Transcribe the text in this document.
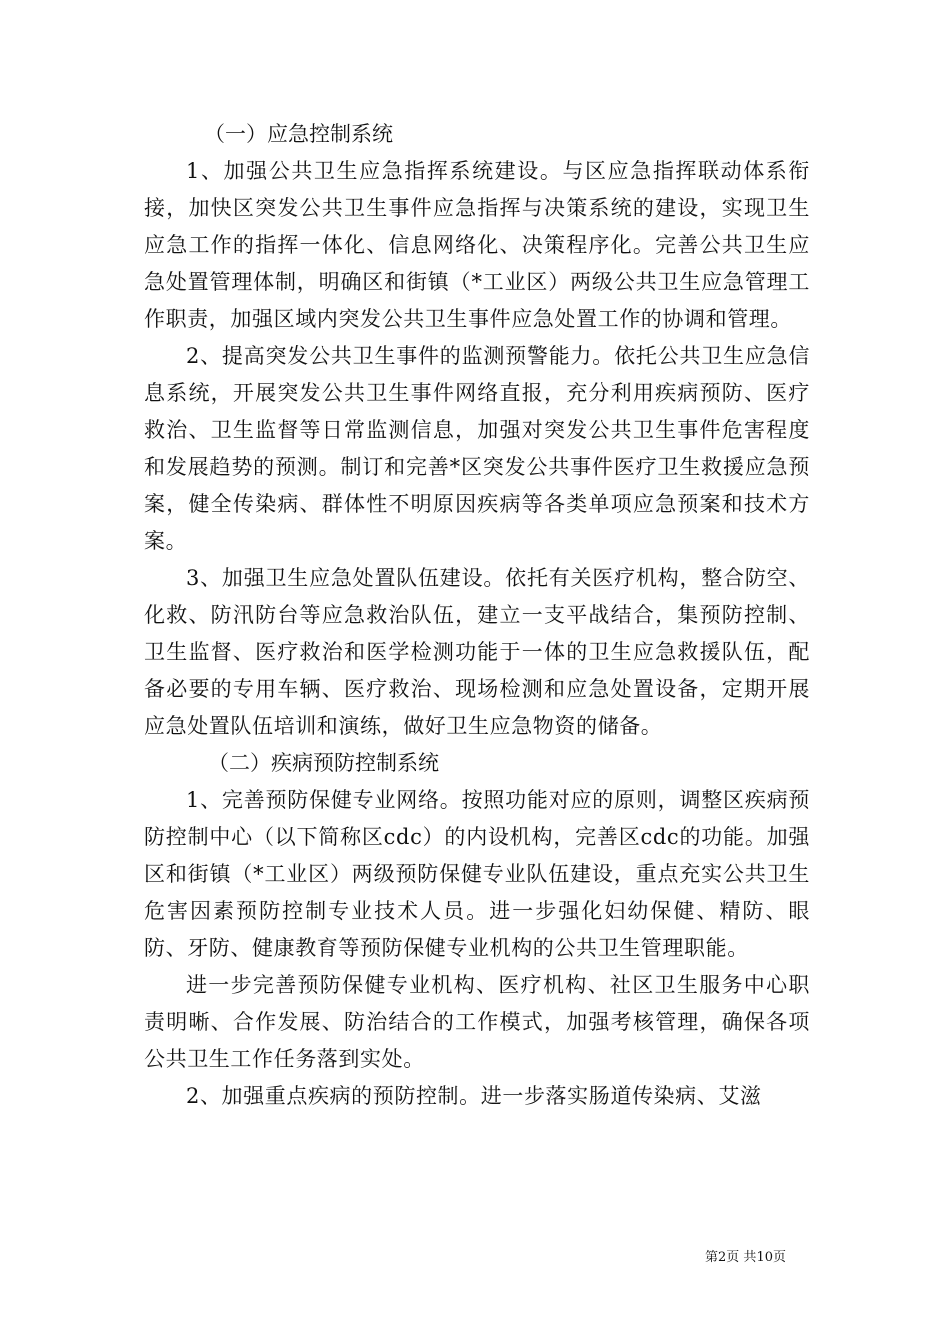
（一）应急控制系统

1、加强公共卫生应急指挥系统建设。与区应急指挥联动体系衔接，加快区突发公共卫生事件应急指挥与决策系统的建设，实现卫生应急工作的指挥一体化、信息网络化、决策程序化。完善公共卫生应急处置管理体制，明确区和街镇（*工业区）两级公共卫生应急管理工作职责，加强区域内突发公共卫生事件应急处置工作的协调和管理。

2、提高突发公共卫生事件的监测预警能力。依托公共卫生应急信息系统，开展突发公共卫生事件网络直报，充分利用疾病预防、医疗救治、卫生监督等日常监测信息，加强对突发公共卫生事件危害程度和发展趋势的预测。制订和完善*区突发公共事件医疗卫生救援应急预案，健全传染病、群体性不明原因疾病等各类单项应急预案和技术方案。

3、加强卫生应急处置队伍建设。依托有关医疗机构，整合防空、化救、防汛防台等应急救治队伍，建立一支平战结合，集预防控制、卫生监督、医疗救治和医学检测功能于一体的卫生应急救援队伍，配备必要的专用车辆、医疗救治、现场检测和应急处置设备，定期开展应急处置队伍培训和演练，做好卫生应急物资的储备。

（二）疾病预防控制系统

1、完善预防保健专业网络。按照功能对应的原则，调整区疾病预防控制中心（以下简称区cdc）的内设机构，完善区cdc的功能。加强区和街镇（*工业区）两级预防保健专业队伍建设，重点充实公共卫生危害因素预防控制专业技术人员。进一步强化妇幼保健、精防、眼防、牙防、健康教育等预防保健专业机构的公共卫生管理职能。

进一步完善预防保健专业机构、医疗机构、社区卫生服务中心职责明晰、合作发展、防治结合的工作模式，加强考核管理，确保各项公共卫生工作任务落到实处。

2、加强重点疾病的预防控制。进一步落实肠道传染病、艾滋

第2页 共10页
